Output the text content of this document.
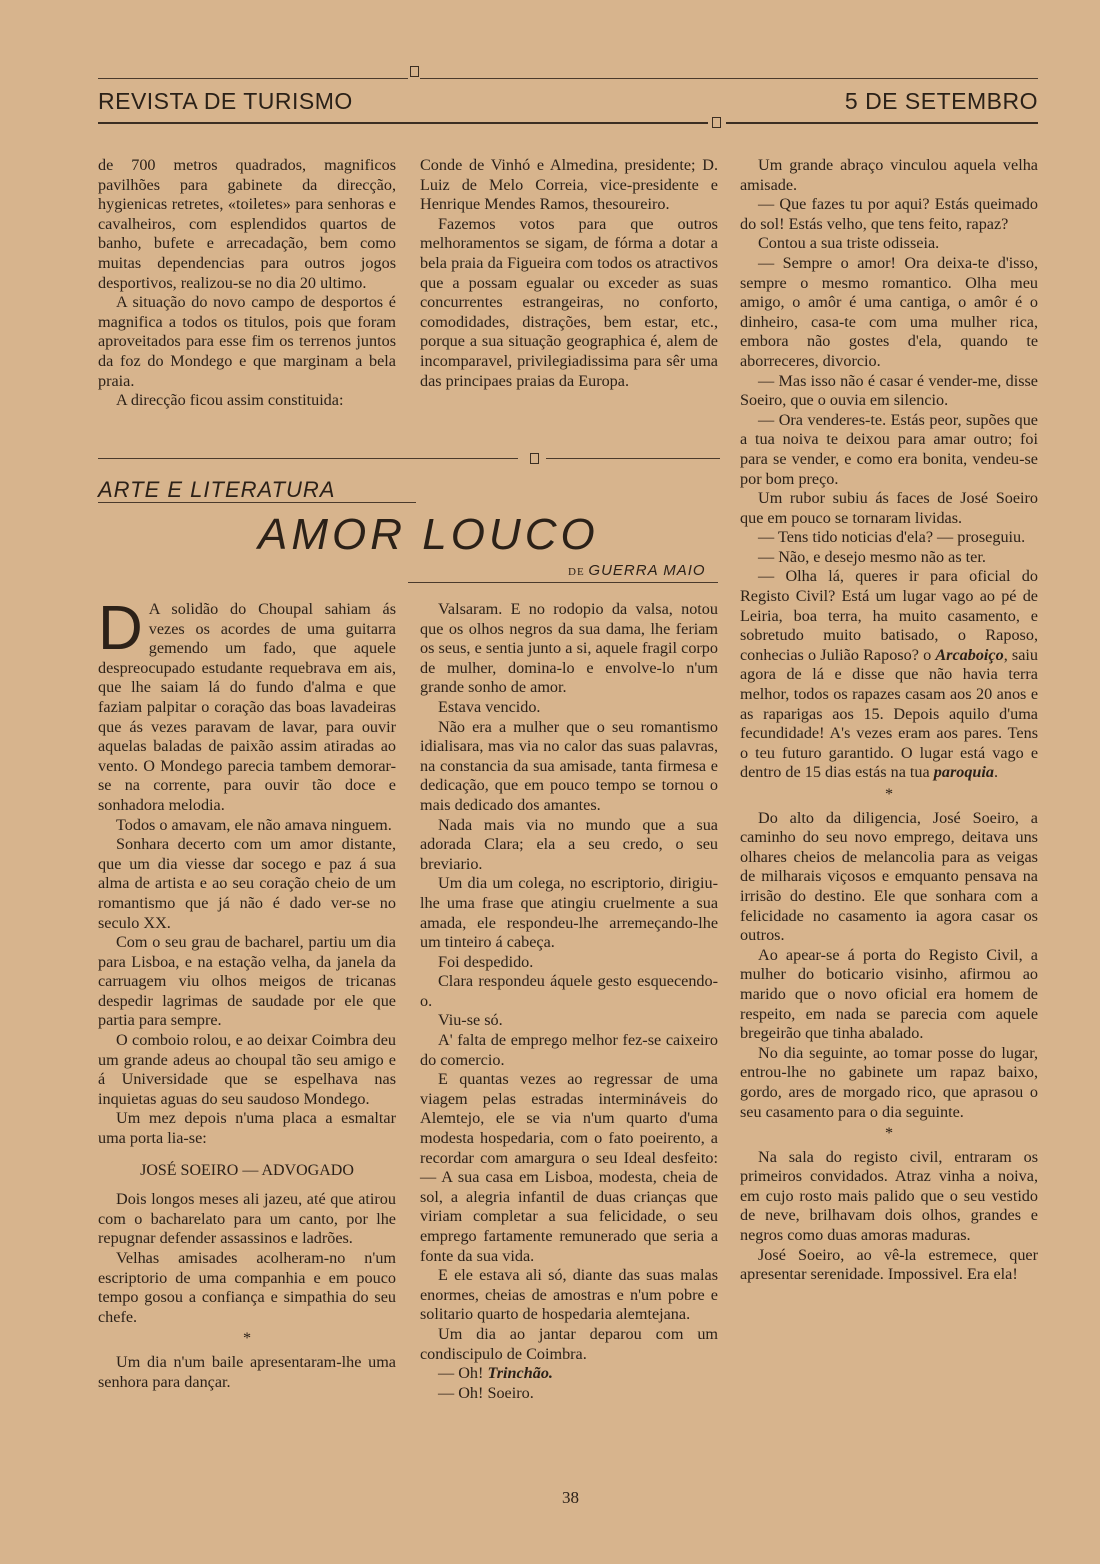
REVISTA DE TURISMO	5 DE SETEMBRO

de 700 metros quadrados, magnificos pavilhões para gabinete da direcção, hygienicas retretes, «toiletes» para senhoras e cavalheiros, com esplendidos quartos de banho, bufete e arrecadação, bem como muitas dependencias para outros jogos desportivos, realizou-se no dia 20 ultimo.

A situação do novo campo de desportos é magnifica a todos os titulos, pois que foram aproveitados para esse fim os terrenos juntos da foz do Mondego e que marginam a bela praia.

A direcção ficou assim constituida:

Conde de Vinhó e Almedina, presidente; D. Luiz de Melo Correia, vice-presidente e Henrique Mendes Ramos, thesoureiro.

Fazemos votos para que outros melhoramentos se sigam, de fórma a dotar a bela praia da Figueira com todos os atractivos que a possam egualar ou exceder as suas concurrentes estrangeiras, no conforto, comodidades, distrações, bem estar, etc., porque a sua situação geographica é, alem de incomparavel, privilegiadissima para sêr uma das principaes praias da Europa.

ARTE E LITERATURA
AMOR LOUCO
DE GUERRA MAIO

D A solidão do Choupal sahiam ás vezes os acordes de uma guitarra gemendo um fado, que aquele despreocupado estudante requebrava em ais, que lhe saiam lá do fundo d'alma e que faziam palpitar o coração das boas lavadeiras que ás vezes paravam de lavar, para ouvir aquelas baladas de paixão assim atiradas ao vento. O Mondego parecia tambem demorar-se na corrente, para ouvir tão doce e sonhadora melodia.

Todos o amavam, ele não amava ninguem.

Sonhara decerto com um amor distante, que um dia viesse dar socego e paz á sua alma de artista e ao seu coração cheio de um romantismo que já não é dado ver-se no seculo XX.

Com o seu grau de bacharel, partiu um dia para Lisboa, e na estação velha, da janela da carruagem viu olhos meigos de tricanas despedir lagrimas de saudade por ele que partia para sempre.

O comboio rolou, e ao deixar Coimbra deu um grande adeus ao choupal tão seu amigo e á Universidade que se espelhava nas inquietas aguas do seu saudoso Mondego.

Um mez depois n'uma placa a esmaltar uma porta lia-se:

JOSÉ SOEIRO — ADVOGADO

Dois longos meses ali jazeu, até que atirou com o bacharelato para um canto, por lhe repugnar defender assassinos e ladrões.

Velhas amisades acolheram-no n'um escriptorio de uma companhia e em pouco tempo gosou a confiança e simpathia do seu chefe.

*

Um dia n'um baile apresentaram-lhe uma senhora para dançar.

Valsaram. E no rodopio da valsa, notou que os olhos negros da sua dama, lhe feriam os seus, e sentia junto a si, aquele fragil corpo de mulher, domina-lo e envolve-lo n'um grande sonho de amor.

Estava vencido.

Não era a mulher que o seu romantismo idialisara, mas via no calor das suas palavras, na constancia da sua amisade, tanta firmesa e dedicação, que em pouco tempo se tornou o mais dedicado dos amantes.

Nada mais via no mundo que a sua adorada Clara; ela a seu credo, o seu breviario.

Um dia um colega, no escriptorio, dirigiu-lhe uma frase que atingiu cruelmente a sua amada, ele respondeu-lhe arremeçando-lhe um tinteiro á cabeça.

Foi despedido.

Clara respondeu áquele gesto esquecendo-o.

Viu-se só.

A' falta de emprego melhor fez-se caixeiro do comercio.

E quantas vezes ao regressar de uma viagem pelas estradas intermináveis do Alemtejo, ele se via n'um quarto d'uma modesta hospedaria, com o fato poeirento, a recordar com amargura o seu Ideal desfeito: — A sua casa em Lisboa, modesta, cheia de sol, a alegria infantil de duas crianças que viriam completar a sua felicidade, o seu emprego fartamente remunerado que seria a fonte da sua vida.

E ele estava ali só, diante das suas malas enormes, cheias de amostras e n'um pobre e solitario quarto de hospedaria alemtejana.

Um dia ao jantar deparou com um condiscipulo de Coimbra.

— Oh! Trinchão.

— Oh! Soeiro.

Um grande abraço vinculou aquela velha amisade.

— Que fazes tu por aqui? Estás queimado do sol! Estás velho, que tens feito, rapaz?

Contou a sua triste odisseia.

— Sempre o amor! Ora deixa-te d'isso, sempre o mesmo romantico. Olha meu amigo, o amôr é uma cantiga, o amôr é o dinheiro, casa-te com uma mulher rica, embora não gostes d'ela, quando te aborreceres, divorcio.

— Mas isso não é casar é vender-me, disse Soeiro, que o ouvia em silencio.

— Ora venderes-te. Estás peor, supões que a tua noiva te deixou para amar outro; foi para se vender, e como era bonita, vendeu-se por bom preço.

Um rubor subiu ás faces de José Soeiro que em pouco se tornaram lividas.

— Tens tido noticias d'ela? — proseguiu.

— Não, e desejo mesmo não as ter.

— Olha lá, queres ir para oficial do Registo Civil? Está um lugar vago ao pé de Leiria, boa terra, ha muito casamento, e sobretudo muito batisado, o Raposo, conhecias o Julião Raposo? o Arcaboiço, saiu agora de lá e disse que não havia terra melhor, todos os rapazes casam aos 20 anos e as raparigas aos 15. Depois aquilo d'uma fecundidade! A's vezes eram aos pares. Tens o teu futuro garantido. O lugar está vago e dentro de 15 dias estás na tua paroquia.

*

Do alto da diligencia, José Soeiro, a caminho do seu novo emprego, deitava uns olhares cheios de melancolia para as veigas de milharais viçosos e emquanto pensava na irrisão do destino. Ele que sonhara com a felicidade no casamento ia agora casar os outros.

Ao apear-se á porta do Registo Civil, a mulher do boticario visinho, afirmou ao marido que o novo oficial era homem de respeito, em nada se parecia com aquele bregeirão que tinha abalado.

No dia seguinte, ao tomar posse do lugar, entrou-lhe no gabinete um rapaz baixo, gordo, ares de morgado rico, que aprasou o seu casamento para o dia seguinte.

*

Na sala do registo civil, entraram os primeiros convidados. Atraz vinha a noiva, em cujo rosto mais palido que o seu vestido de neve, brilhavam dois olhos, grandes e negros como duas amoras maduras.

José Soeiro, ao vê-la estremece, quer apresentar serenidade. Impossivel. Era ela!

38
